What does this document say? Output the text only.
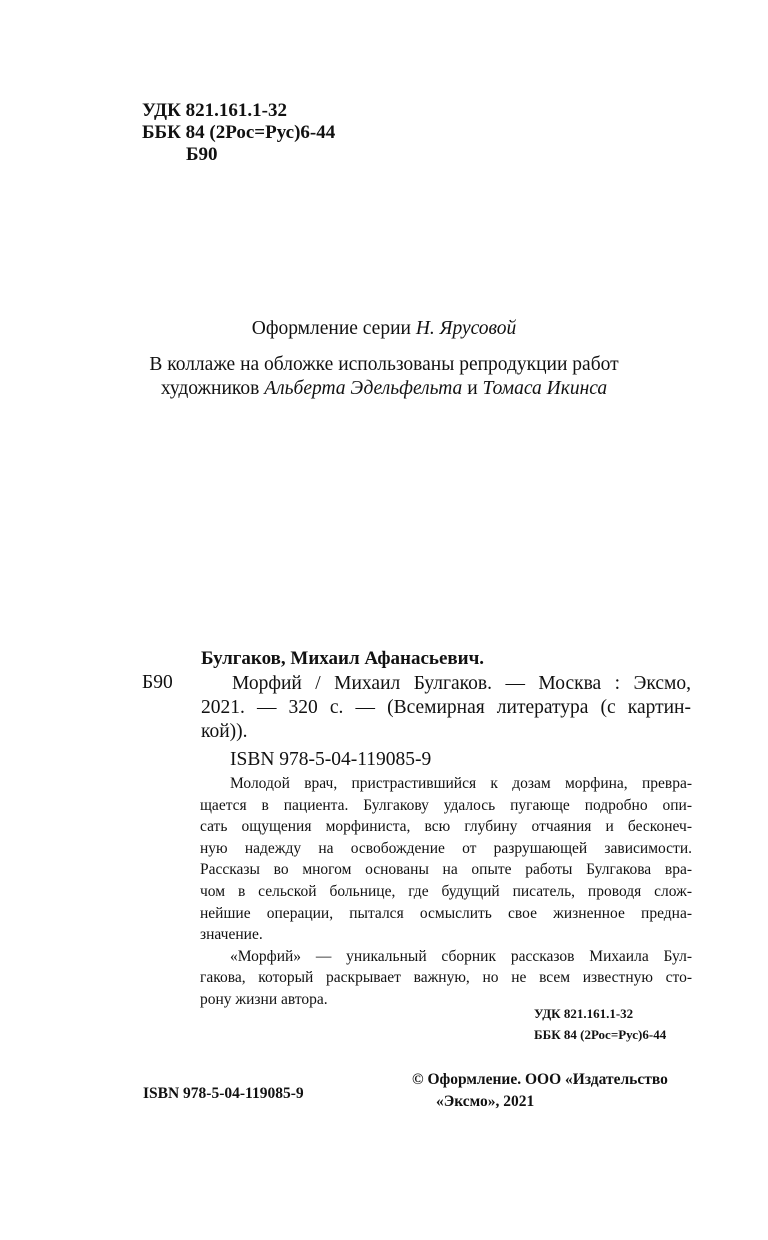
УДК 821.161.1-32
ББК 84 (2Рос=Рус)6-44
Б90
Оформление серии Н. Ярусовой
В коллаже на обложке использованы репродукции работ
художников Альберта Эдельфельта и Томаса Икинса
Булгаков, Михаил Афанасьевич.
Б90	Морфий / Михаил Булгаков. — Москва : Эксмо,
2021. — 320 с. — (Всемирная литература (с картин-
кой)).
ISBN 978-5-04-119085-9
Молодой врач, пристрастившийся к дозам морфина, превра-
щается в пациента. Булгакову удалось пугающе подробно опи-
сать ощущения морфиниста, всю глубину отчаяния и бесконеч-
ную надежду на освобождение от разрушающей зависимости.
Рассказы во многом основаны на опыте работы Булгакова вра-
чом в сельской больнице, где будущий писатель, проводя слож-
нейшие операции, пытался осмыслить свое жизненное предна-
значение.
«Морфий» — уникальный сборник рассказов Михаила Бул-
гакова, который раскрывает важную, но не всем известную сто-
рону жизни автора.
УДК 821.161.1-32
ББК 84 (2Рос=Рус)6-44
ISBN 978-5-04-119085-9
© Оформление. ООО «Издательство
«Эксмо», 2021
